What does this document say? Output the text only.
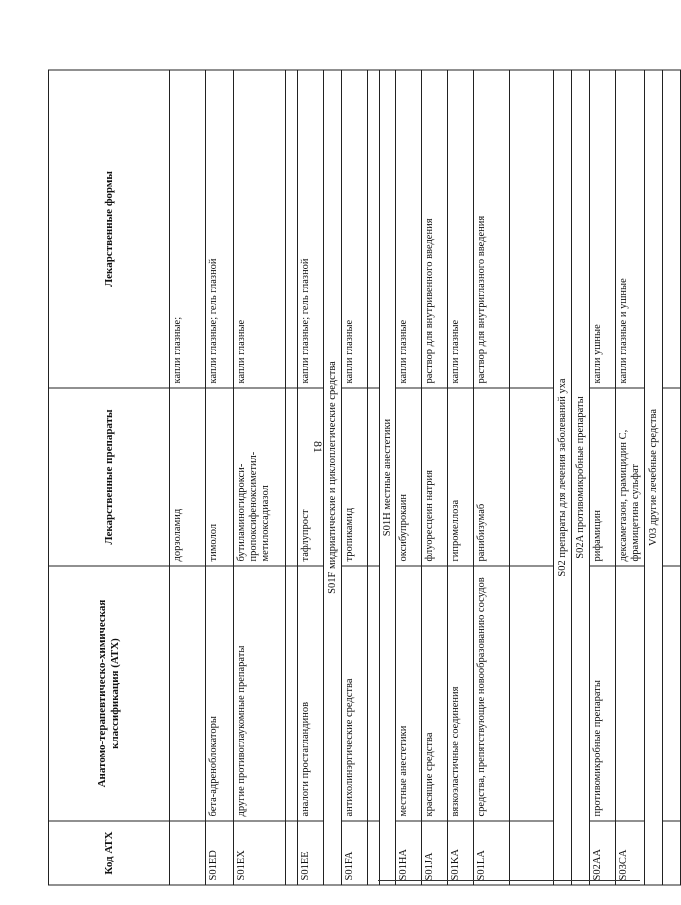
81
Код АТХ	Анатомо-терапевтическо-химическая классификация (АТХ)	Лекарственные препараты	Лекарственные формы
		дорзоламид	капли глазные;
S01ED	бета-адреноблокаторы	тимолол	капли глазные; гель глазной
S01EX	другие противоглаукомные препараты	бутиламиногидрокси-пропоксифеноксиметил-метилоксадиазол	капли глазные

S01EE	аналоги простагландинов	тафлупрост	капли глазные; гель глазной
S01F мидриатические и циклоплегические средства			
S01FA	антихолинэргические средства	тропикамид	капли глазные

S01H местные анестетики			
S01HA	местные анестетики	оксибупрокаин	капли глазные
S01JA	красящие средства	флуоресцеин натрия	раствор для внутривенного введения
S01KA	вязкоэластичные соединения	гипромеллоза	капли глазные
S01LA	средства, препятствующие новообразованию сосудов	ранибизумаб	раствор для внутриглазного введения

S02 препараты для лечения заболеваний уха			
S02A противомикробные препараты			
S02AA	противомикробные препараты	рифамицин	капли ушные
S03CA		дексаметазон, грамицидин С, фрамицетина сульфат	капли глазные и ушные
V03 другие лечебные средства			
